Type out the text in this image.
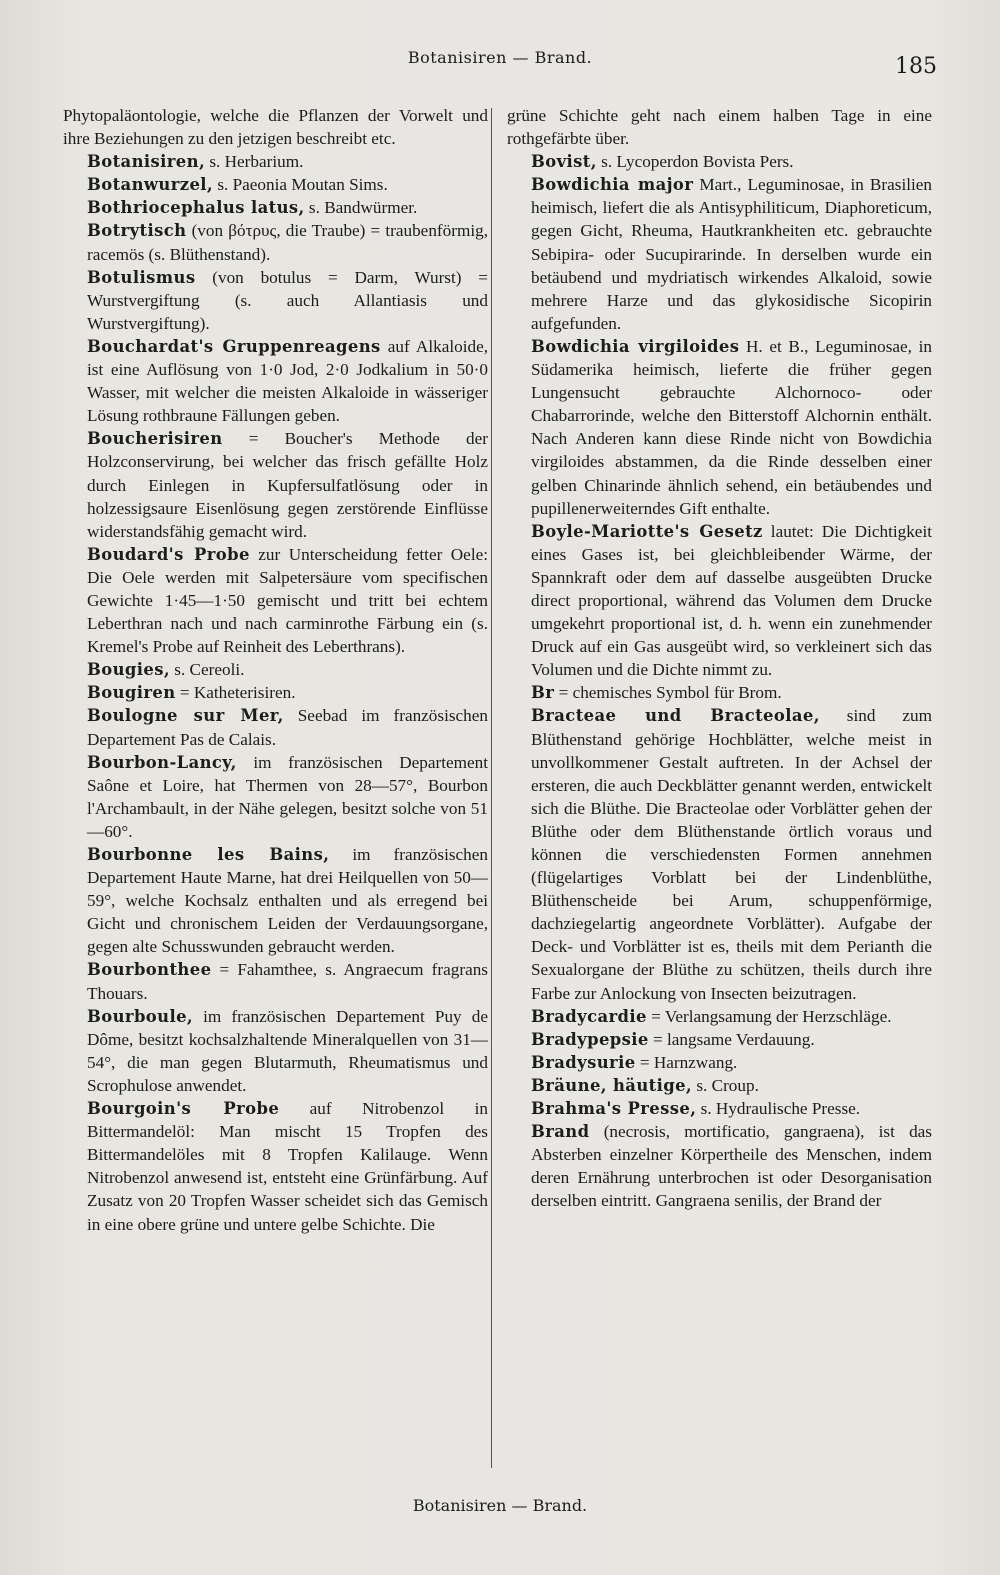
Botanisiren — Brand.	185

Phytopaläontologie, welche die Pflanzen der Vorwelt und ihre Beziehungen zu den jetzigen beschreibt etc.

Botanisiren, s. Herbarium.

Botanwurzel, s. Paeonia Moutan Sims.

Bothriocephalus latus, s. Bandwürmer.

Botrytisch (von βότρυς, die Traube) = traubenförmig, racemös (s. Blüthenstand).

Botulismus (von botulus = Darm, Wurst) = Wurstvergiftung (s. auch Allantiasis und Wurstvergiftung).

Bouchardat's Gruppenreagens auf Alkaloide, ist eine Auflösung von 1·0 Jod, 2·0 Jodkalium in 50·0 Wasser, mit welcher die meisten Alkaloide in wässeriger Lösung rothbraune Fällungen geben.

Boucherisiren = Boucher's Methode der Holzconservirung, bei welcher das frisch gefällte Holz durch Einlegen in Kupfersulfatlösung oder in holzessigsaure Eisenlösung gegen zerstörende Einflüsse widerstandsfähig gemacht wird.

Boudard's Probe zur Unterscheidung fetter Oele: Die Oele werden mit Salpetersäure vom specifischen Gewichte 1·45—1·50 gemischt und tritt bei echtem Leberthran nach und nach carminrothe Färbung ein (s. Kremel's Probe auf Reinheit des Leberthrans).

Bougies, s. Cereoli.

Bougiren = Katheterisiren.

Boulogne sur Mer, Seebad im französischen Departement Pas de Calais.

Bourbon-Lancy, im französischen Departement Saône et Loire, hat Thermen von 28—57°, Bourbon l'Archambault, in der Nähe gelegen, besitzt solche von 51—60°.

Bourbonne les Bains, im französischen Departement Haute Marne, hat drei Heilquellen von 50—59°, welche Kochsalz enthalten und als erregend bei Gicht und chronischem Leiden der Verdauungsorgane, gegen alte Schusswunden gebraucht werden.

Bourbonthee = Fahamthee, s. Angraecum fragrans Thouars.

Bourboule, im französischen Departement Puy de Dôme, besitzt kochsalzhaltende Mineralquellen von 31—54°, die man gegen Blutarmuth, Rheumatismus und Scrophulose anwendet.

Bourgoin's Probe auf Nitrobenzol in Bittermandelöl: Man mischt 15 Tropfen des Bittermandelöles mit 8 Tropfen Kalilauge. Wenn Nitrobenzol anwesend ist, entsteht eine Grünfärbung. Auf Zusatz von 20 Tropfen Wasser scheidet sich das Gemisch in eine obere grüne und untere gelbe Schichte. Die

grüne Schichte geht nach einem halben Tage in eine rothgefärbte über.

Bovist, s. Lycoperdon Bovista Pers.

Bowdichia major Mart., Leguminosae, in Brasilien heimisch, liefert die als Antisyphiliticum, Diaphoreticum, gegen Gicht, Rheuma, Hautkrankheiten etc. gebrauchte Sebipira- oder Sucupirarinde. In derselben wurde ein betäubend und mydriatisch wirkendes Alkaloid, sowie mehrere Harze und das glykosidische Sicopirin aufgefunden.

Bowdichia virgiloides H. et B., Leguminosae, in Südamerika heimisch, lieferte die früher gegen Lungensucht gebrauchte Alchornoco- oder Chabarrorinde, welche den Bitterstoff Alchornin enthält. Nach Anderen kann diese Rinde nicht von Bowdichia virgiloides abstammen, da die Rinde desselben einer gelben Chinarinde ähnlich sehend, ein betäubendes und pupillenerweiterndes Gift enthalte.

Boyle-Mariotte's Gesetz lautet: Die Dichtigkeit eines Gases ist, bei gleichbleibender Wärme, der Spannkraft oder dem auf dasselbe ausgeübten Drucke direct proportional, während das Volumen dem Drucke umgekehrt proportional ist, d. h. wenn ein zunehmender Druck auf ein Gas ausgeübt wird, so verkleinert sich das Volumen und die Dichte nimmt zu.

Br = chemisches Symbol für Brom.

Bracteae und Bracteolae, sind zum Blüthenstand gehörige Hochblätter, welche meist in unvollkommener Gestalt auftreten. In der Achsel der ersteren, die auch Deckblätter genannt werden, entwickelt sich die Blüthe. Die Bracteolae oder Vorblätter gehen der Blüthe oder dem Blüthenstande örtlich voraus und können die verschiedensten Formen annehmen (flügelartiges Vorblatt bei der Lindenblüthe, Blüthenscheide bei Arum, schuppenförmige, dachziegelartig angeordnete Vorblätter). Aufgabe der Deck- und Vorblätter ist es, theils mit dem Perianth die Sexualorgane der Blüthe zu schützen, theils durch ihre Farbe zur Anlockung von Insecten beizutragen.

Bradycardie = Verlangsamung der Herzschläge.

Bradypepsie = langsame Verdauung.

Bradysurie = Harnzwang.

Bräune, häutige, s. Croup.

Brahma's Presse, s. Hydraulische Presse.

Brand (necrosis, mortificatio, gangraena), ist das Absterben einzelner Körpertheile des Menschen, indem deren Ernährung unterbrochen ist oder Desorganisation derselben eintritt. Gangraena senilis, der Brand der

Botanisiren — Brand.
